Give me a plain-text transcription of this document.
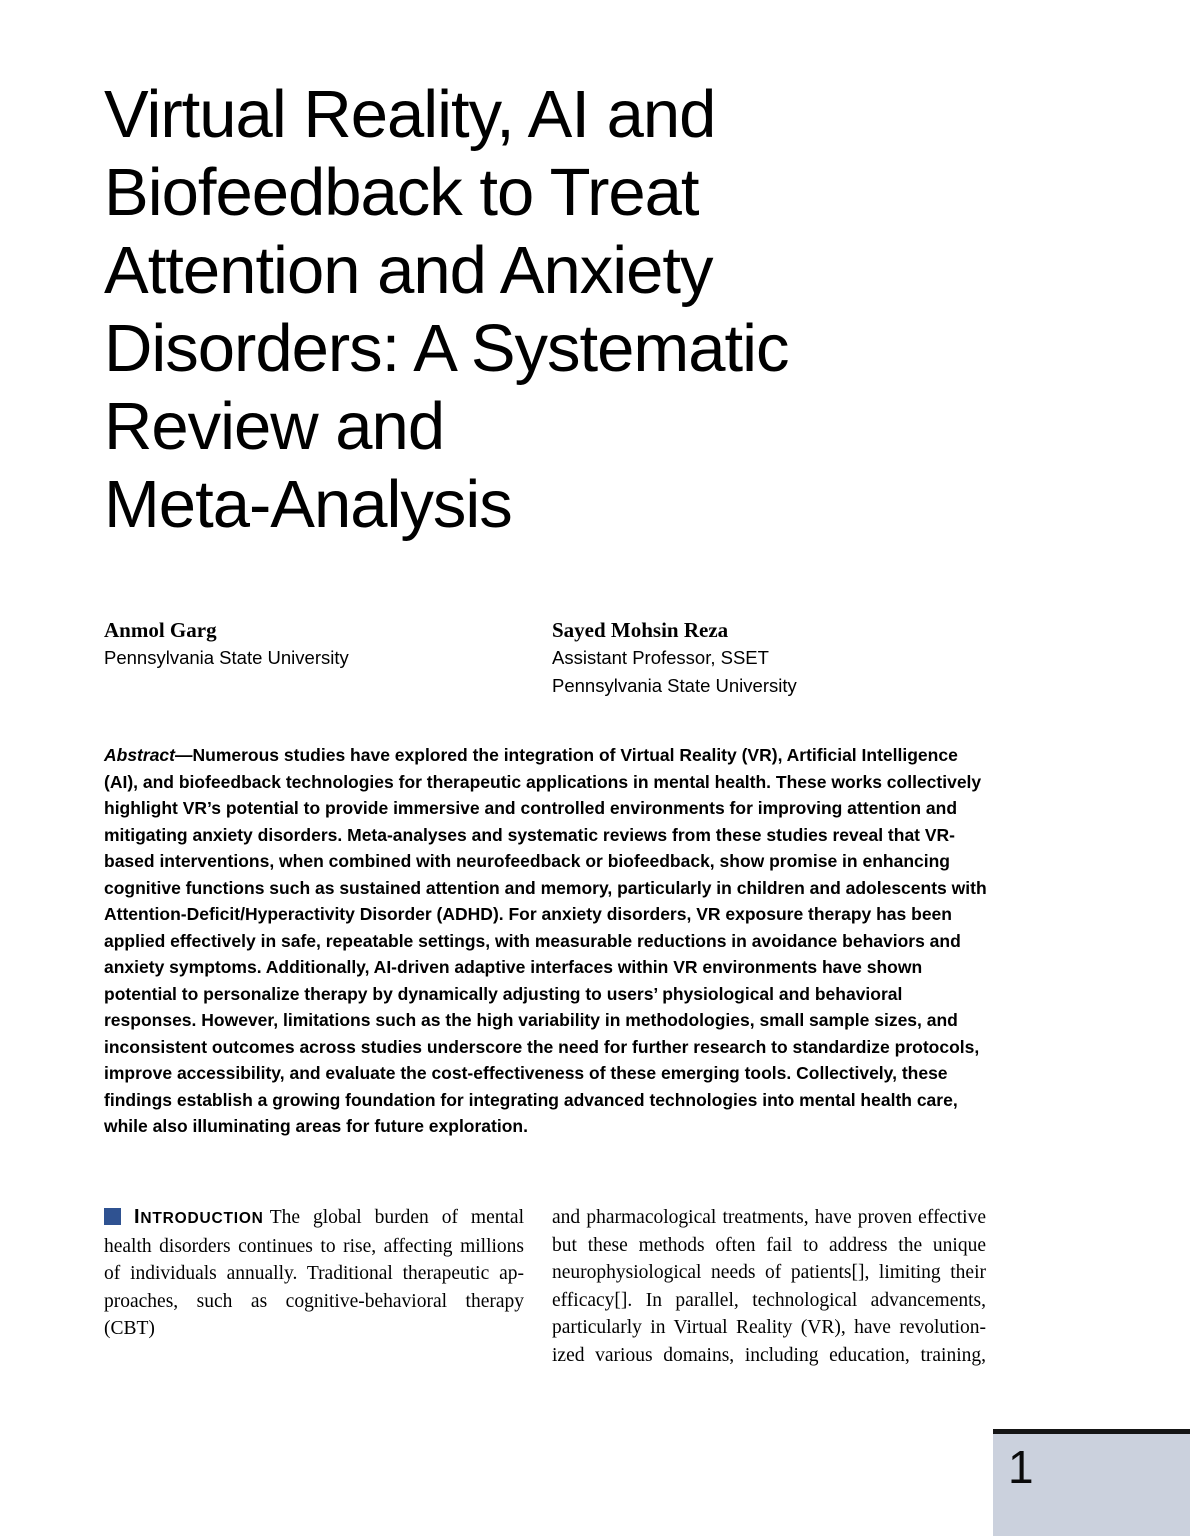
Virtual Reality, AI and
Biofeedback to Treat
Attention and Anxiety
Disorders: A Systematic
Review and
Meta-Analysis
Anmol Garg
Pennsylvania State University
Sayed Mohsin Reza
Assistant Professor, SSET
Pennsylvania State University
Abstract—Numerous studies have explored the integration of Virtual Reality (VR), Artificial Intelligence (AI), and biofeedback technologies for therapeutic applications in mental health. These works collectively highlight VR’s potential to provide immersive and controlled environments for improving attention and mitigating anxiety disorders. Meta-analyses and systematic reviews from these studies reveal that VR-based interventions, when combined with neurofeedback or biofeedback, show promise in enhancing cognitive functions such as sustained attention and memory, particularly in children and adolescents with Attention-Deficit/Hyperactivity Disorder (ADHD). For anxiety disorders, VR exposure therapy has been applied effectively in safe, repeatable settings, with measurable reductions in avoidance behaviors and anxiety symptoms. Additionally, AI-driven adaptive interfaces within VR environments have shown potential to personalize therapy by dynamically adjusting to users’ physiological and behavioral responses. However, limitations such as the high variability in methodologies, small sample sizes, and inconsistent outcomes across studies underscore the need for further research to standardize protocols, improve accessibility, and evaluate the cost-effectiveness of these emerging tools. Collectively, these findings establish a growing foundation for integrating advanced technologies into mental health care, while also illuminating areas for future exploration.
INTRODUCTION The global burden of mental
health disorders continues to rise, affecting millions
of individuals annually. Traditional therapeutic ap-
proaches, such as cognitive-behavioral therapy (CBT)
and pharmacological treatments, have proven effective
but these methods often fail to address the unique
neurophysiological needs of patients[], limiting their
efficacy[]. In parallel, technological advancements,
particularly in Virtual Reality (VR), have revolution-
ized various domains, including education, training,
1
